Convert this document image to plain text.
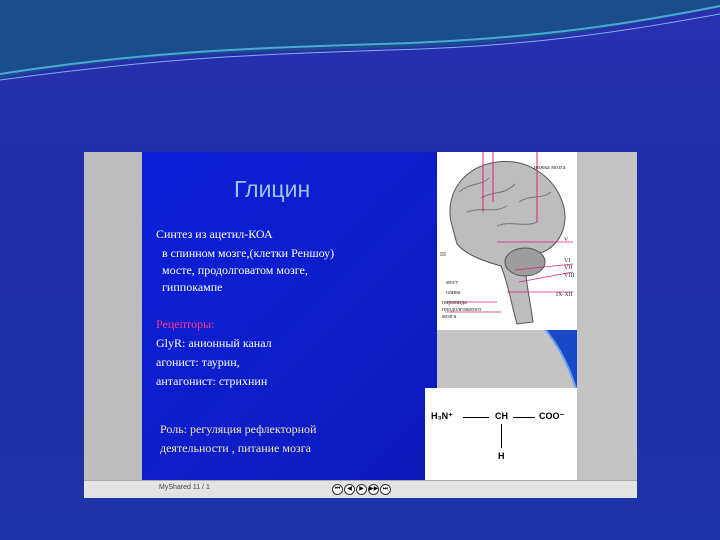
Глицин
Синтез из ацетил-КОА
в спинном мозге,(клетки Реншоу)
мосте, продолговатом мозге,
гиппокампе
Рецепторы:
GlyR: анионный канал
агонист: таурин,
антагонист: стрихнин
Роль: регуляция рефлекторной
деятельности , питание мозга
ножка мозга
V
VI
VII
VIII
мост
олива	IX-XII
пирамида
продолговатого
мозга
III
H₃N⁺	CH	COO⁻
H
MyShared 11 / 1	⏮	◀	▶ ▶▶ ⏭
